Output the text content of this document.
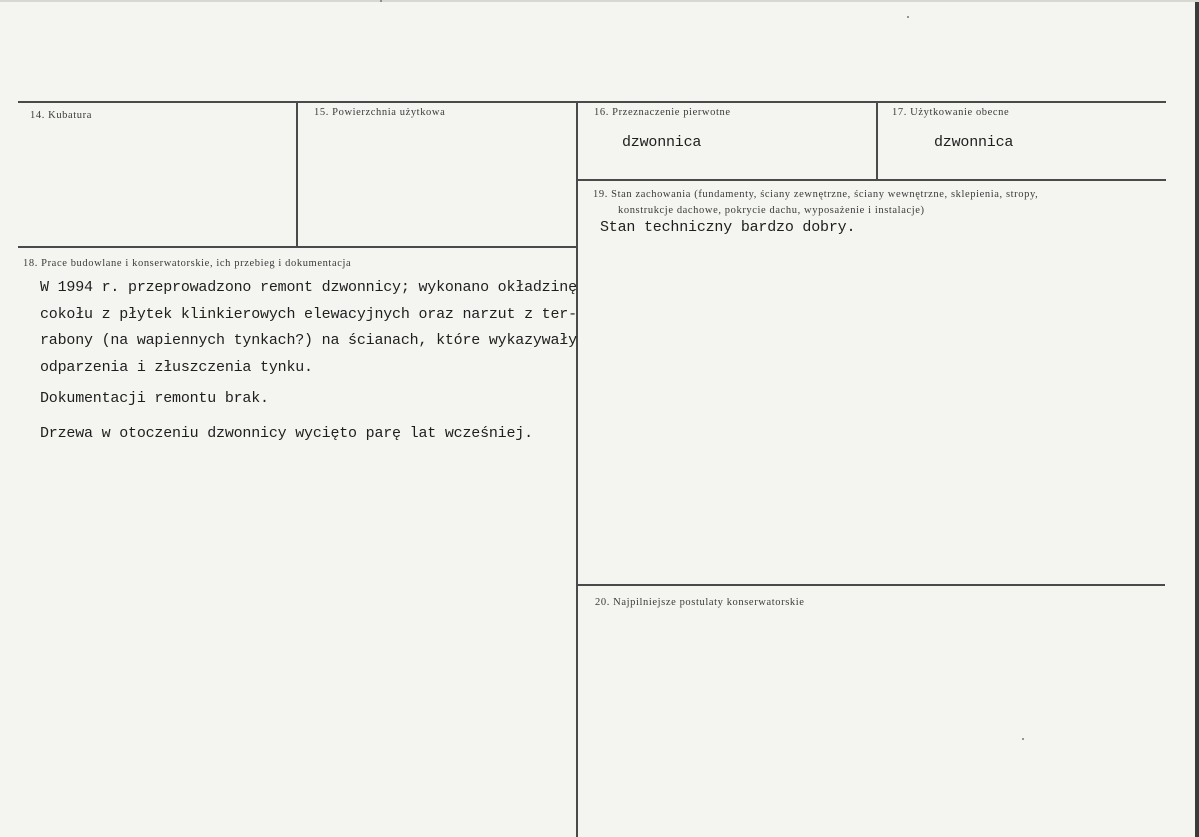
14. Kubatura	15. Powierzchnia użytkowa	16. Przeznaczenie pierwotne
dzwonnica
17. Użytkowanie obecne
dzwonnica
19. Stan zachowania (fundamenty, ściany zewnętrzne, ściany wewnętrzne, sklepienia, stropy,
konstrukcje dachowe, pokrycie dachu, wyposażenie i instalacje)
Stan techniczny bardzo dobry.
18. Prace budowlane i konserwatorskie, ich przebieg i dokumentacja
W 1994 r. przeprowadzono remont dzwonnicy; wykonano okładzinę
cokołu z płytek klinkierowych elewacyjnych oraz narzut z ter-
rabony (na wapiennych tynkach?) na ścianach, które wykazywały
odparzenia i złuszczenia tynku.
Dokumentacji remontu brak.
Drzewa w otoczeniu dzwonnicy wycięto parę lat wcześniej.
20. Najpilniejsze postulaty konserwatorskie
